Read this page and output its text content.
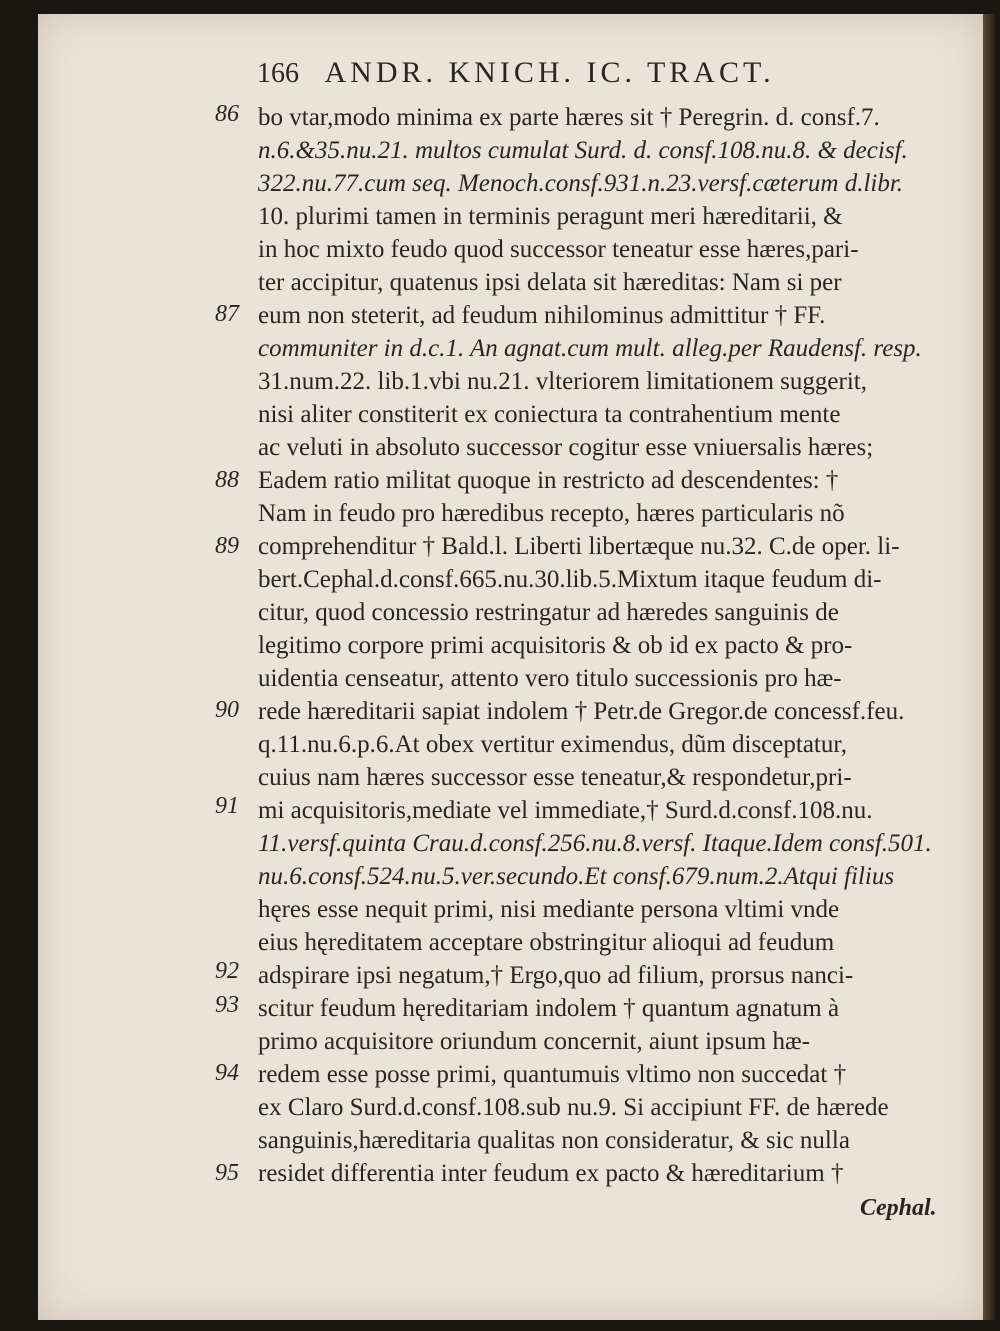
166 ANDR. KNICH. IC. TRACT.
86
87
88
89
90
91
92
93
94
95
bo vtar,modo minima ex parte hæres sit † Peregrin. d. consf.7.
n.6.&35.nu.21. multos cumulat Surd. d. consf.108.nu.8. & decisf.
322.nu.77.cum seq. Menoch.consf.931.n.23.versf.cæterum d.libr.
10. plurimi tamen in terminis peragunt meri hæreditarii, &
in hoc mixto feudo quod successor teneatur esse hæres,pari-
ter accipitur, quatenus ipsi delata sit hæreditas: Nam si per
eum non steterit, ad feudum nihilominus admittitur † FF.
communiter in d.c.1. An agnat.cum mult. alleg.per Raudensf. resp.
31.num.22. lib.1.vbi nu.21. vlteriorem limitationem suggerit,
nisi aliter constiterit ex coniectura ta contrahentium mente
ac veluti in absoluto successor cogitur esse vniuersalis hæres;
Eadem ratio militat quoque in restricto ad descendentes: †
Nam in feudo pro hæredibus recepto, hæres particularis nõ
comprehenditur † Bald.l. Liberti libertæque nu.32. C.de oper. li-
bert.Cephal.d.consf.665.nu.30.lib.5.Mixtum itaque feudum di-
citur, quod concessio restringatur ad hæredes sanguinis de
legitimo corpore primi acquisitoris & ob id ex pacto & pro-
uidentia censeatur, attento vero titulo successionis pro hæ-
rede hæreditarii sapiat indolem † Petr.de Gregor.de concessf.feu.
q.11.nu.6.p.6.At obex vertitur eximendus, dũm disceptatur,
cuius nam hæres successor esse teneatur,& respondetur,pri-
mi acquisitoris,mediate vel immediate,† Surd.d.consf.108.nu.
11.versf.quinta Crau.d.consf.256.nu.8.versf. Itaque.Idem consf.501.
nu.6.consf.524.nu.5.ver.secundo.Et consf.679.num.2.Atqui filius
hęres esse nequit primi, nisi mediante persona vltimi vnde
eius hęreditatem acceptare obstringitur alioqui ad feudum
adspirare ipsi negatum,† Ergo,quo ad filium, prorsus nanci-
scitur feudum hęreditariam indolem † quantum agnatum à
primo acquisitore oriundum concernit, aiunt ipsum hæ-
redem esse posse primi, quantumuis vltimo non succedat †
ex Claro Surd.d.consf.108.sub nu.9. Si accipiunt FF. de hærede
sanguinis,hæreditaria qualitas non consideratur, & sic nulla
residet differentia inter feudum ex pacto & hæreditarium †
Cephal.
